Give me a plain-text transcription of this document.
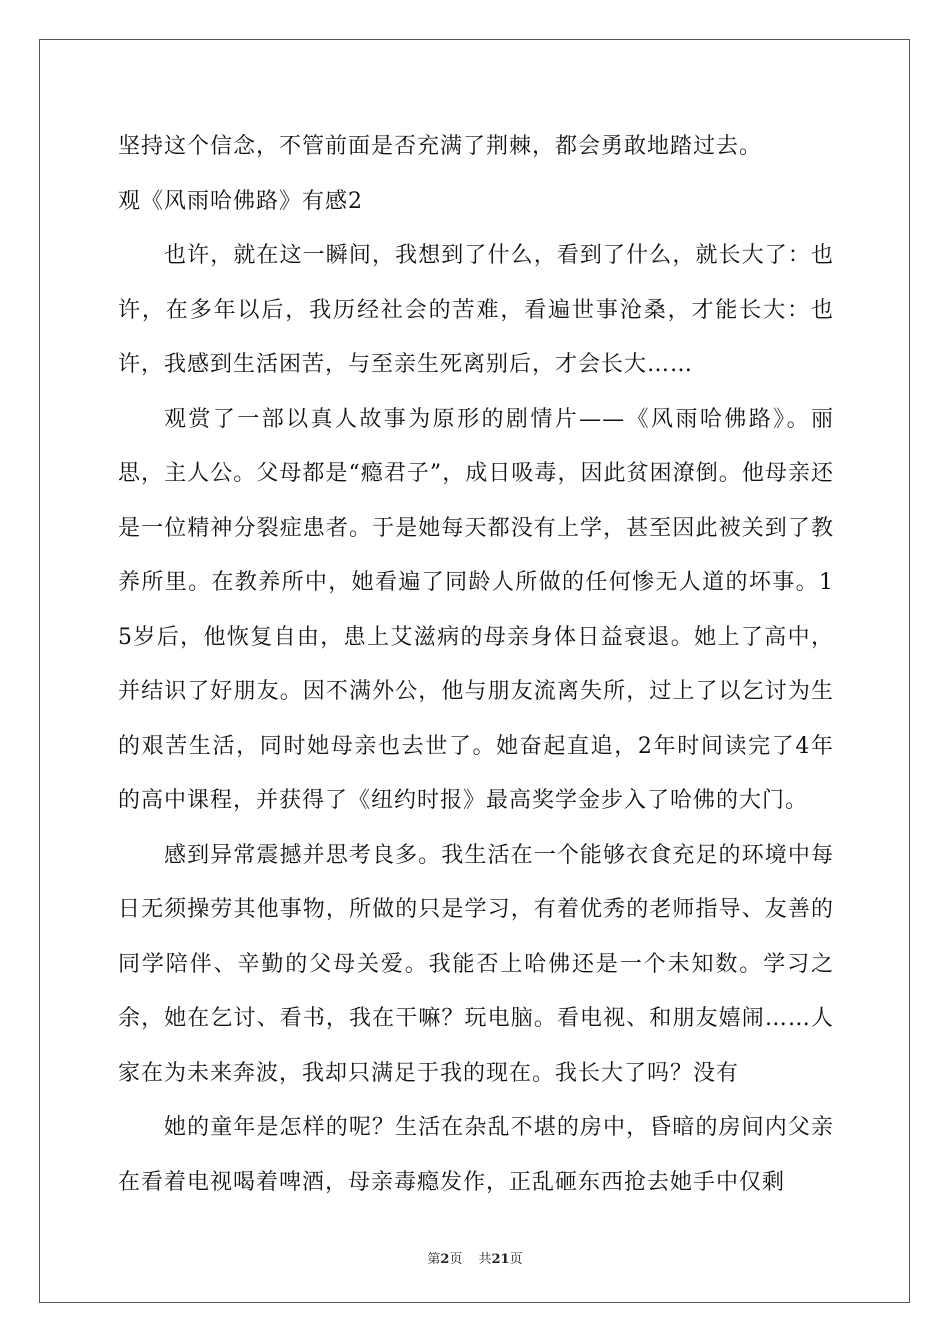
坚持这个信念，不管前面是否充满了荆棘，都会勇敢地踏过去。

观《风雨哈佛路》有感2

也许，就在这一瞬间，我想到了什么，看到了什么，就长大了：也许，在多年以后，我历经社会的苦难，看遍世事沧桑，才能长大：也许，我感到生活困苦，与至亲生死离别后，才会长大……

观赏了一部以真人故事为原形的剧情片——《风雨哈佛路》。丽思，主人公。父母都是“瘾君子”，成日吸毒，因此贫困潦倒。他母亲还是一位精神分裂症患者。于是她每天都没有上学，甚至因此被关到了教养所里。在教养所中，她看遍了同龄人所做的任何惨无人道的坏事。15岁后，他恢复自由，患上艾滋病的母亲身体日益衰退。她上了高中，并结识了好朋友。因不满外公，他与朋友流离失所，过上了以乞讨为生的艰苦生活，同时她母亲也去世了。她奋起直追，2年时间读完了4年的高中课程，并获得了《纽约时报》最高奖学金步入了哈佛的大门。

感到异常震撼并思考良多。我生活在一个能够衣食充足的环境中每日无须操劳其他事物，所做的只是学习，有着优秀的老师指导、友善的同学陪伴、辛勤的父母关爱。我能否上哈佛还是一个未知数。学习之余，她在乞讨、看书，我在干嘛？玩电脑。看电视、和朋友嬉闹……人家在为未来奔波，我却只满足于我的现在。我长大了吗？没有

她的童年是怎样的呢？生活在杂乱不堪的房中，昏暗的房间内父亲在看着电视喝着啤酒，母亲毒瘾发作，正乱砸东西抢去她手中仅剩

第2页 共21页
